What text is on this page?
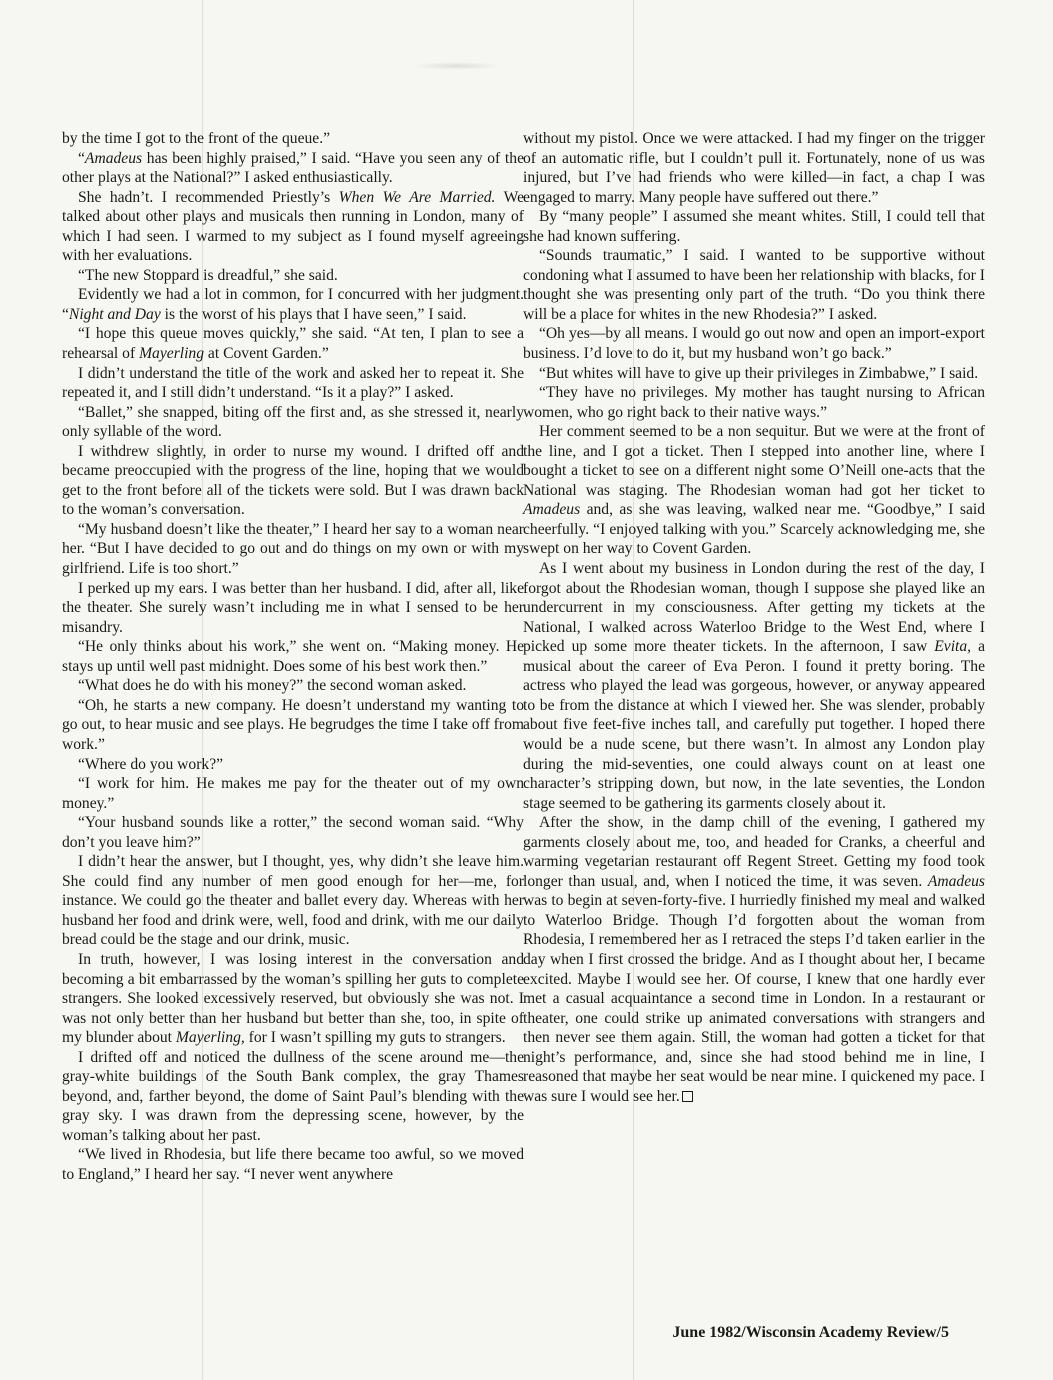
by the time I got to the front of the queue.”

“Amadeus has been highly praised,” I said. “Have you seen any of the other plays at the National?” I asked enthusiastically.

She hadn’t. I recommended Priestly’s When We Are Married. We talked about other plays and musicals then running in London, many of which I had seen. I warmed to my subject as I found myself agreeing with her evaluations.

“The new Stoppard is dreadful,” she said.

Evidently we had a lot in common, for I concurred with her judgment. “Night and Day is the worst of his plays that I have seen,” I said.

“I hope this queue moves quickly,” she said. “At ten, I plan to see a rehearsal of Mayerling at Covent Garden.”

I didn’t understand the title of the work and asked her to repeat it. She repeated it, and I still didn’t understand. “Is it a play?” I asked.

“Ballet,” she snapped, biting off the first and, as she stressed it, nearly only syllable of the word.

I withdrew slightly, in order to nurse my wound. I drifted off and became preoccupied with the progress of the line, hoping that we would get to the front before all of the tickets were sold. But I was drawn back to the woman’s conversation.

“My husband doesn’t like the theater,” I heard her say to a woman near her. “But I have decided to go out and do things on my own or with my girlfriend. Life is too short.”

I perked up my ears. I was better than her husband. I did, after all, like the theater. She surely wasn’t including me in what I sensed to be her misandry.

“He only thinks about his work,” she went on. “Making money. He stays up until well past midnight. Does some of his best work then.”

“What does he do with his money?” the second woman asked.

“Oh, he starts a new company. He doesn’t understand my wanting to go out, to hear music and see plays. He begrudges the time I take off from work.”

“Where do you work?”

“I work for him. He makes me pay for the theater out of my own money.”

“Your husband sounds like a rotter,” the second woman said. “Why don’t you leave him?”

I didn’t hear the answer, but I thought, yes, why didn’t she leave him. She could find any number of men good enough for her—me, for instance. We could go the theater and ballet every day. Whereas with her husband her food and drink were, well, food and drink, with me our daily bread could be the stage and our drink, music.

In truth, however, I was losing interest in the conversation and becoming a bit embarrassed by the woman’s spilling her guts to complete strangers. She looked excessively reserved, but obviously she was not. I was not only better than her husband but better than she, too, in spite of my blunder about Mayerling, for I wasn’t spilling my guts to strangers.

I drifted off and noticed the dullness of the scene around me—the gray-white buildings of the South Bank complex, the gray Thames beyond, and, farther beyond, the dome of Saint Paul’s blending with the gray sky. I was drawn from the depressing scene, however, by the woman’s talking about her past.

“We lived in Rhodesia, but life there became too awful, so we moved to England,” I heard her say. “I never went anywhere

without my pistol. Once we were attacked. I had my finger on the trigger of an automatic rifle, but I couldn’t pull it. Fortunately, none of us was injured, but I’ve had friends who were killed—in fact, a chap I was engaged to marry. Many people have suffered out there.”

By “many people” I assumed she meant whites. Still, I could tell that she had known suffering.

“Sounds traumatic,” I said. I wanted to be supportive without condoning what I assumed to have been her relationship with blacks, for I thought she was presenting only part of the truth. “Do you think there will be a place for whites in the new Rhodesia?” I asked.

“Oh yes—by all means. I would go out now and open an import-export business. I’d love to do it, but my husband won’t go back.”

“But whites will have to give up their privileges in Zimbabwe,” I said.

“They have no privileges. My mother has taught nursing to African women, who go right back to their native ways.”

Her comment seemed to be a non sequitur. But we were at the front of the line, and I got a ticket. Then I stepped into another line, where I bought a ticket to see on a different night some O’Neill one-acts that the National was staging. The Rhodesian woman had got her ticket to Amadeus and, as she was leaving, walked near me. “Goodbye,” I said cheerfully. “I enjoyed talking with you.” Scarcely acknowledging me, she swept on her way to Covent Garden.

As I went about my business in London during the rest of the day, I forgot about the Rhodesian woman, though I suppose she played like an undercurrent in my consciousness. After getting my tickets at the National, I walked across Waterloo Bridge to the West End, where I picked up some more theater tickets. In the afternoon, I saw Evita, a musical about the career of Eva Peron. I found it pretty boring. The actress who played the lead was gorgeous, however, or anyway appeared to be from the distance at which I viewed her. She was slender, probably about five feet-five inches tall, and carefully put together. I hoped there would be a nude scene, but there wasn’t. In almost any London play during the mid-seventies, one could always count on at least one character’s stripping down, but now, in the late seventies, the London stage seemed to be gathering its garments closely about it.

After the show, in the damp chill of the evening, I gathered my garments closely about me, too, and headed for Cranks, a cheerful and warming vegetarian restaurant off Regent Street. Getting my food took longer than usual, and, when I noticed the time, it was seven. Amadeus was to begin at seven-forty-five. I hurriedly finished my meal and walked to Waterloo Bridge. Though I’d forgotten about the woman from Rhodesia, I remembered her as I retraced the steps I’d taken earlier in the day when I first crossed the bridge. And as I thought about her, I became excited. Maybe I would see her. Of course, I knew that one hardly ever met a casual acquaintance a second time in London. In a restaurant or theater, one could strike up animated conversations with strangers and then never see them again. Still, the woman had gotten a ticket for that night’s performance, and, since she had stood behind me in line, I reasoned that maybe her seat would be near mine. I quickened my pace. I was sure I would see her.

June 1982/Wisconsin Academy Review/5
